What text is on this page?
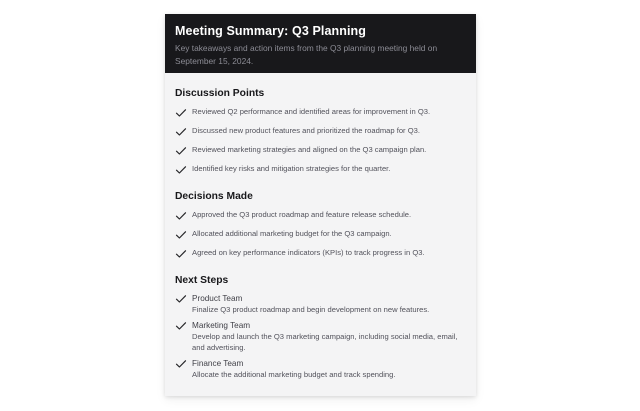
Meeting Summary: Q3 Planning
Key takeaways and action items from the Q3 planning meeting held on September 15, 2024.
Discussion Points
Reviewed Q2 performance and identified areas for improvement in Q3.
Discussed new product features and prioritized the roadmap for Q3.
Reviewed marketing strategies and aligned on the Q3 campaign plan.
Identified key risks and mitigation strategies for the quarter.
Decisions Made
Approved the Q3 product roadmap and feature release schedule.
Allocated additional marketing budget for the Q3 campaign.
Agreed on key performance indicators (KPIs) to track progress in Q3.
Next Steps
Product Team
Finalize Q3 product roadmap and begin development on new features.
Marketing Team
Develop and launch the Q3 marketing campaign, including social media, email, and advertising.
Finance Team
Allocate the additional marketing budget and track spending.
